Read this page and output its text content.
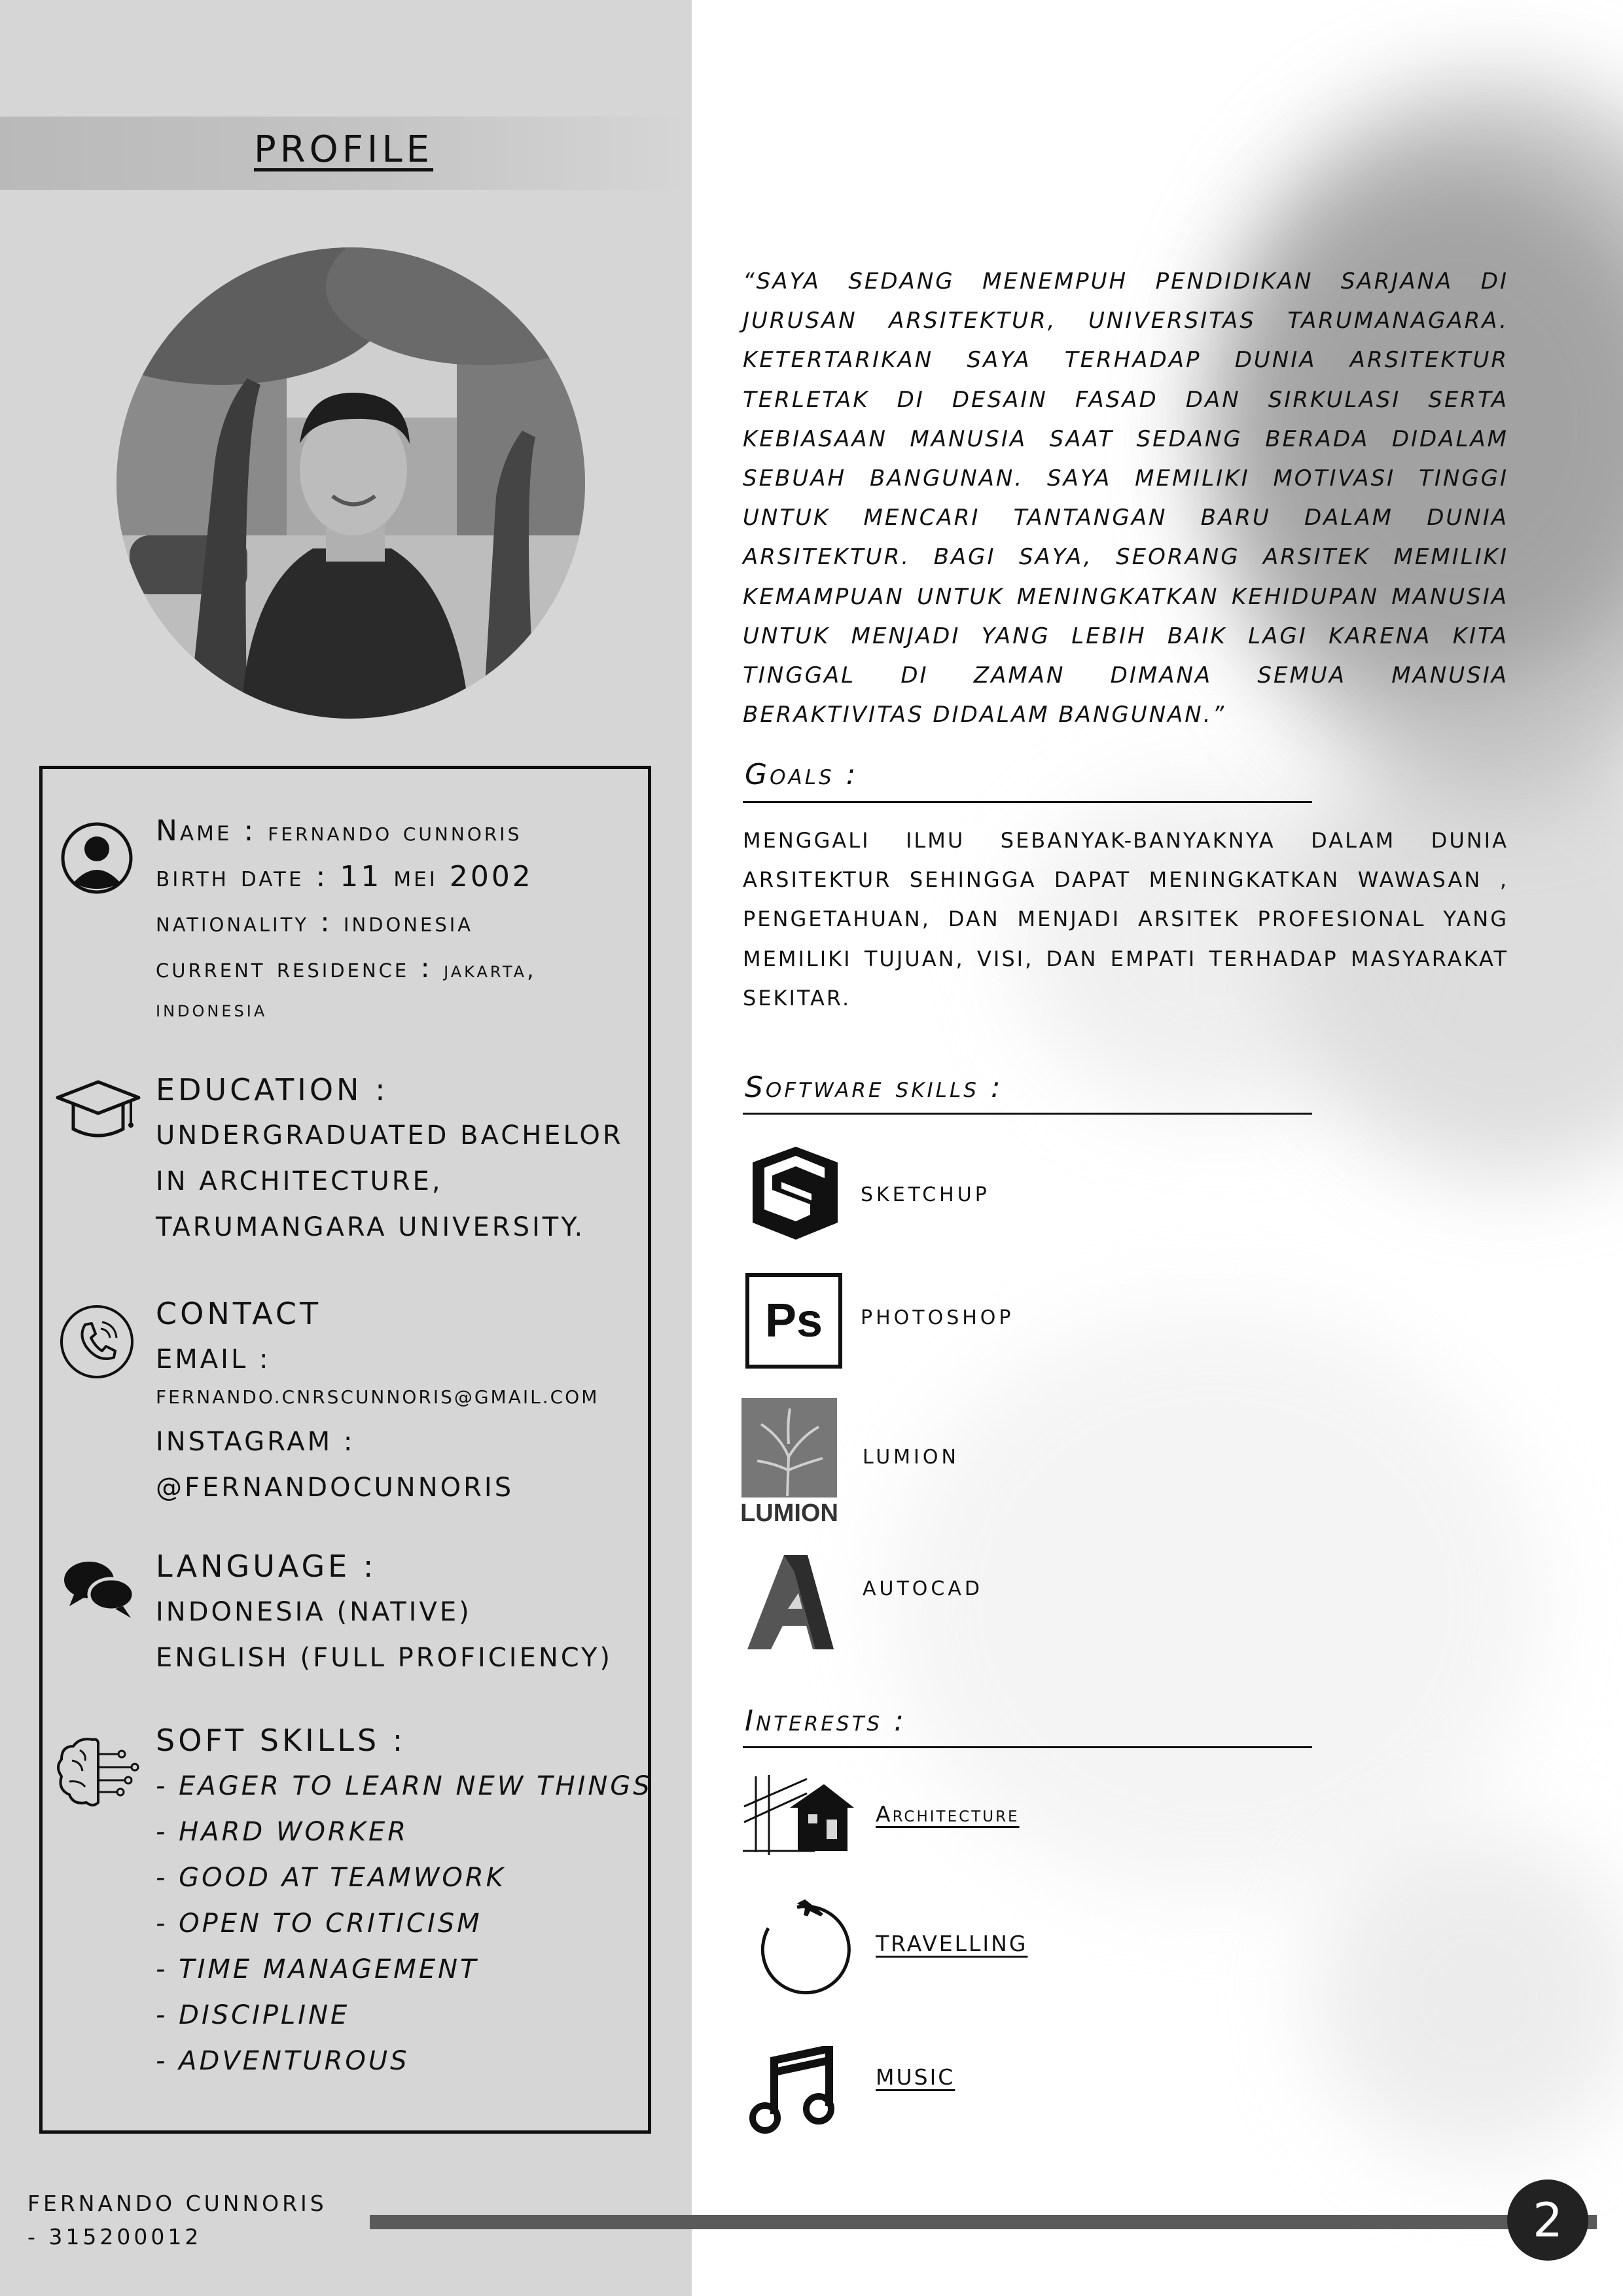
PROFILE
Name : fernando cunnoris
birth date : 11 mei 2002
nationality : indonesia
current residence : jakarta,
indonesia
EDUCATION :
UNDERGRADUATED BACHELOR
IN ARCHITECTURE,
TARUMANGARA UNIVERSITY.
CONTACT
EMAIL :
FERNANDO.CNRSCUNNORIS@GMAIL.COM
INSTAGRAM :
@FERNANDOCUNNORIS
LANGUAGE :
INDONESIA (NATIVE)
ENGLISH (FULL PROFICIENCY)
SOFT SKILLS :
- EAGER TO LEARN NEW THINGS
- HARD WORKER
- GOOD AT TEAMWORK
- OPEN TO CRITICISM
- TIME MANAGEMENT
- DISCIPLINE
- ADVENTUROUS
“SAYA SEDANG MENEMPUH PENDIDIKAN SARJANA DI JURUSAN ARSITEKTUR, UNIVERSITAS TARUMANAGARA. KETERTARIKAN SAYA TERHADAP DUNIA ARSITEKTUR TERLETAK DI DESAIN FASAD DAN SIRKULASI SERTA KEBIASAAN MANUSIA SAAT SEDANG BERADA DIDALAM SEBUAH BANGUNAN. SAYA MEMILIKI MOTIVASI TINGGI UNTUK MENCARI TANTANGAN BARU DALAM DUNIA ARSITEKTUR. BAGI SAYA, SEORANG ARSITEK MEMILIKI KEMAMPUAN UNTUK MENINGKATKAN KEHIDUPAN MANUSIA UNTUK MENJADI YANG LEBIH BAIK LAGI KARENA KITA TINGGAL DI ZAMAN DIMANA SEMUA MANUSIA BERAKTIVITAS DIDALAM BANGUNAN.”
Goals :
MENGGALI ILMU SEBANYAK-BANYAKNYA DALAM DUNIA ARSITEKTUR SEHINGGA DAPAT MENINGKATKAN WAWASAN , PENGETAHUAN, DAN MENJADI ARSITEK PROFESIONAL YANG MEMILIKI TUJUAN, VISI, DAN EMPATI TERHADAP MASYARAKAT SEKITAR.
Software skills :
SKETCHUP
Ps PHOTOSHOP
LUMION
LUMION
AUTOCAD
Interests :
Architecture
TRAVELLING
MUSIC
FERNANDO CUNNORIS
- 315200012	2
